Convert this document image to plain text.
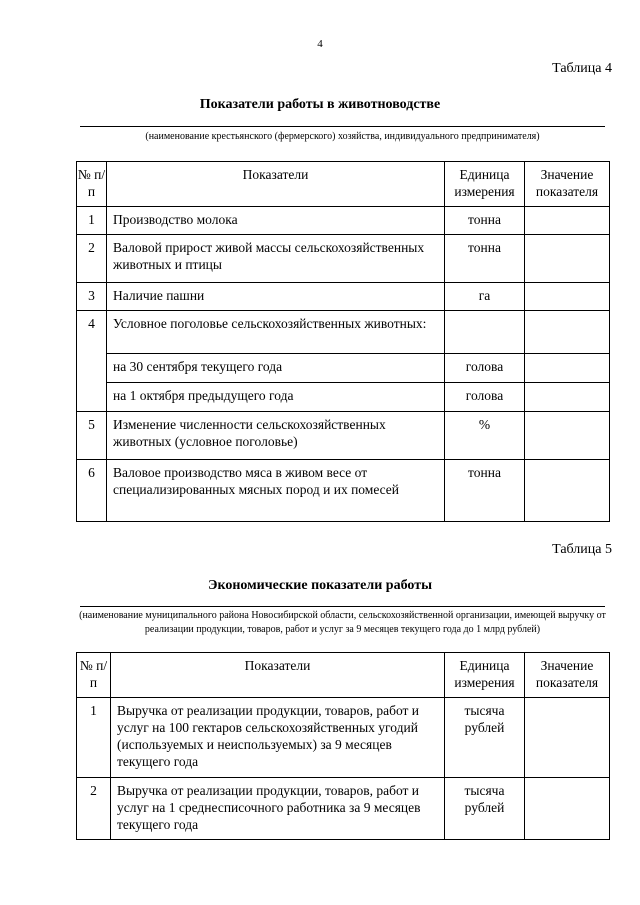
4
Таблица 4
Показатели работы в животноводстве
(наименование крестьянского (фермерского) хозяйства, индивидуального предпринимателя)
№ п/п	Показатели	Единица измерения	Значение показателя
1	Производство молока	тонна	
2	Валовой прирост живой массы сельскохозяйственных животных и птицы	тонна	
3	Наличие пашни	га	
4	Условное поголовье сельскохозяйственных животных:		
	на 30 сентября текущего года	голова	
	на 1 октября предыдущего года	голова	
5	Изменение численности сельскохозяйственных животных (условное поголовье)	%	
6	Валовое производство мяса в живом весе от специализированных мясных пород и их помесей	тонна	
Таблица 5
Экономические показатели работы
(наименование муниципального района Новосибирской области, сельскохозяйственной организации, имеющей выручку от реализации продукции, товаров, работ и услуг за 9 месяцев текущего года до 1 млрд рублей)
№ п/п	Показатели	Единица измерения	Значение показателя
1	Выручка от реализации продукции, товаров, работ и услуг на 100 гектаров сельскохозяйственных угодий (используемых и неиспользуемых) за 9 месяцев текущего года	тысяча рублей	
2	Выручка от реализации продукции, товаров, работ и услуг на 1 среднесписочного работника за 9 месяцев текущего года	тысяча рублей	
